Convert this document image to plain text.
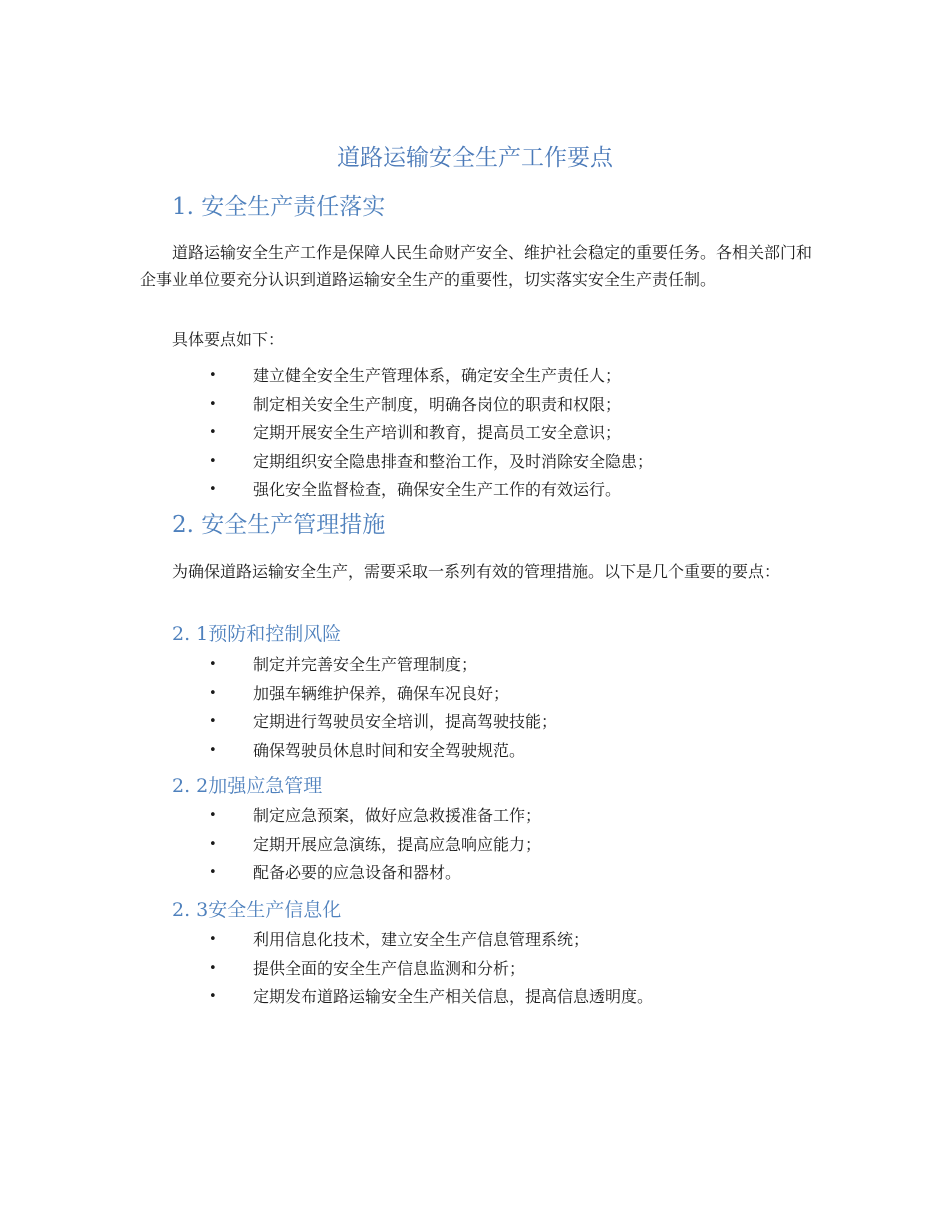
道路运输安全生产工作要点
1. 安全生产责任落实

道路运输安全生产工作是保障人民生命财产安全、维护社会稳定的重要任务。各相关部门和企事业单位要充分认识到道路运输安全生产的重要性，切实落实安全生产责任制。

具体要点如下：

• 建立健全安全生产管理体系，确定安全生产责任人；
• 制定相关安全生产制度，明确各岗位的职责和权限；
• 定期开展安全生产培训和教育，提高员工安全意识；
• 定期组织安全隐患排查和整治工作，及时消除安全隐患；
• 强化安全监督检查，确保安全生产工作的有效运行。
2. 安全生产管理措施

为确保道路运输安全生产，需要采取一系列有效的管理措施。以下是几个重要的要点：

2. 1预防和控制风险
• 制定并完善安全生产管理制度；
• 加强车辆维护保养，确保车况良好；
• 定期进行驾驶员安全培训，提高驾驶技能；
• 确保驾驶员休息时间和安全驾驶规范。
2. 2加强应急管理
• 制定应急预案，做好应急救援准备工作；
• 定期开展应急演练，提高应急响应能力；
• 配备必要的应急设备和器材。
2. 3安全生产信息化
• 利用信息化技术，建立安全生产信息管理系统；
• 提供全面的安全生产信息监测和分析；
• 定期发布道路运输安全生产相关信息，提高信息透明度。
